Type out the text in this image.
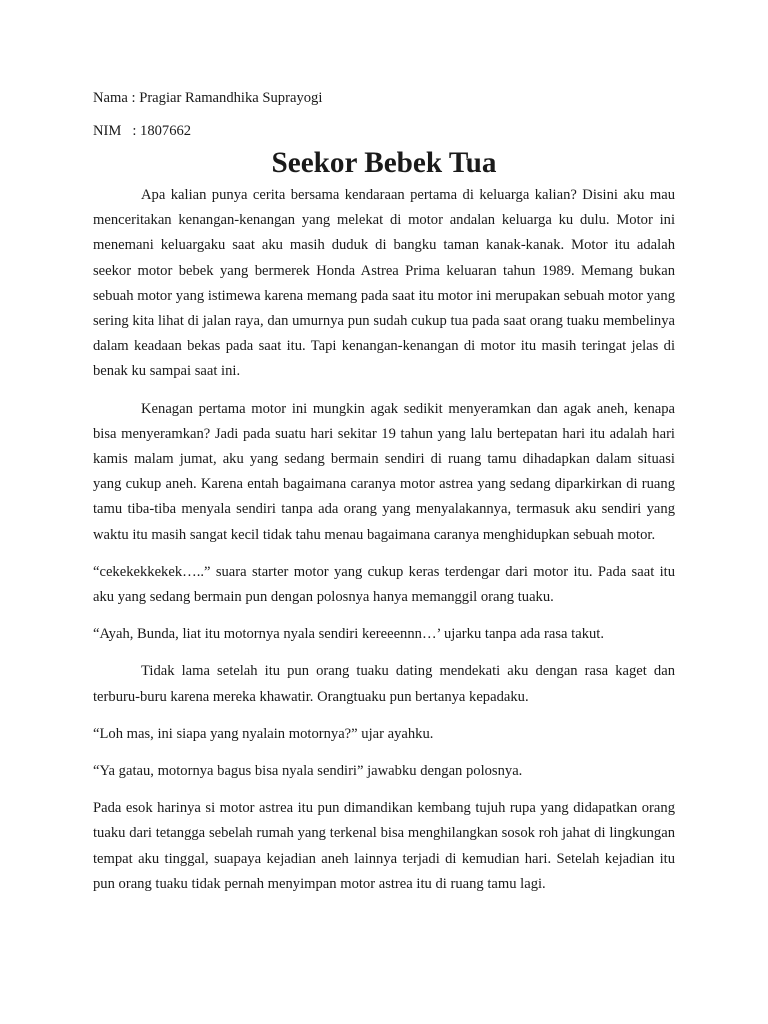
Nama : Pragiar Ramandhika Suprayogi

NIM   : 1807662

Seekor Bebek Tua

Apa kalian punya cerita bersama kendaraan pertama di keluarga kalian? Disini aku mau menceritakan kenangan-kenangan yang melekat di motor andalan keluarga ku dulu. Motor ini menemani keluargaku saat aku masih duduk di bangku taman kanak-kanak. Motor itu adalah seekor motor bebek yang bermerek Honda Astrea Prima keluaran tahun 1989. Memang bukan sebuah motor yang istimewa karena memang pada saat itu motor ini merupakan sebuah motor yang sering kita lihat di jalan raya, dan umurnya pun sudah cukup tua pada saat orang tuaku membelinya dalam keadaan bekas pada saat itu. Tapi kenangan-kenangan di motor itu masih teringat jelas di benak ku sampai saat ini.

Kenagan pertama motor ini mungkin agak sedikit menyeramkan dan agak aneh, kenapa bisa menyeramkan? Jadi pada suatu hari sekitar 19 tahun yang lalu bertepatan hari itu adalah hari kamis malam jumat, aku yang sedang bermain sendiri di ruang tamu dihadapkan dalam situasi yang cukup aneh. Karena entah bagaimana caranya motor astrea yang sedang diparkirkan di ruang tamu tiba-tiba menyala sendiri tanpa ada orang yang menyalakannya, termasuk aku sendiri yang waktu itu masih sangat kecil tidak tahu menau bagaimana caranya menghidupkan sebuah motor.

“cekekekkekek…..” suara starter motor yang cukup keras terdengar dari motor itu. Pada saat itu aku yang sedang bermain pun dengan polosnya hanya memanggil orang tuaku.

“Ayah, Bunda, liat itu motornya nyala sendiri kereeennn…’ ujarku tanpa ada rasa takut.

Tidak lama setelah itu pun orang tuaku dating mendekati aku dengan rasa kaget dan terburu-buru karena mereka khawatir. Orangtuaku pun bertanya kepadaku.

“Loh mas, ini siapa yang nyalain motornya?” ujar ayahku.

“Ya gatau, motornya bagus bisa nyala sendiri” jawabku dengan polosnya.

Pada esok harinya si motor astrea itu pun dimandikan kembang tujuh rupa yang didapatkan orang tuaku dari tetangga sebelah rumah yang terkenal bisa menghilangkan sosok roh jahat di lingkungan tempat aku tinggal, suapaya kejadian aneh lainnya terjadi di kemudian hari. Setelah kejadian itu pun orang tuaku tidak pernah menyimpan motor astrea itu di ruang tamu lagi.
